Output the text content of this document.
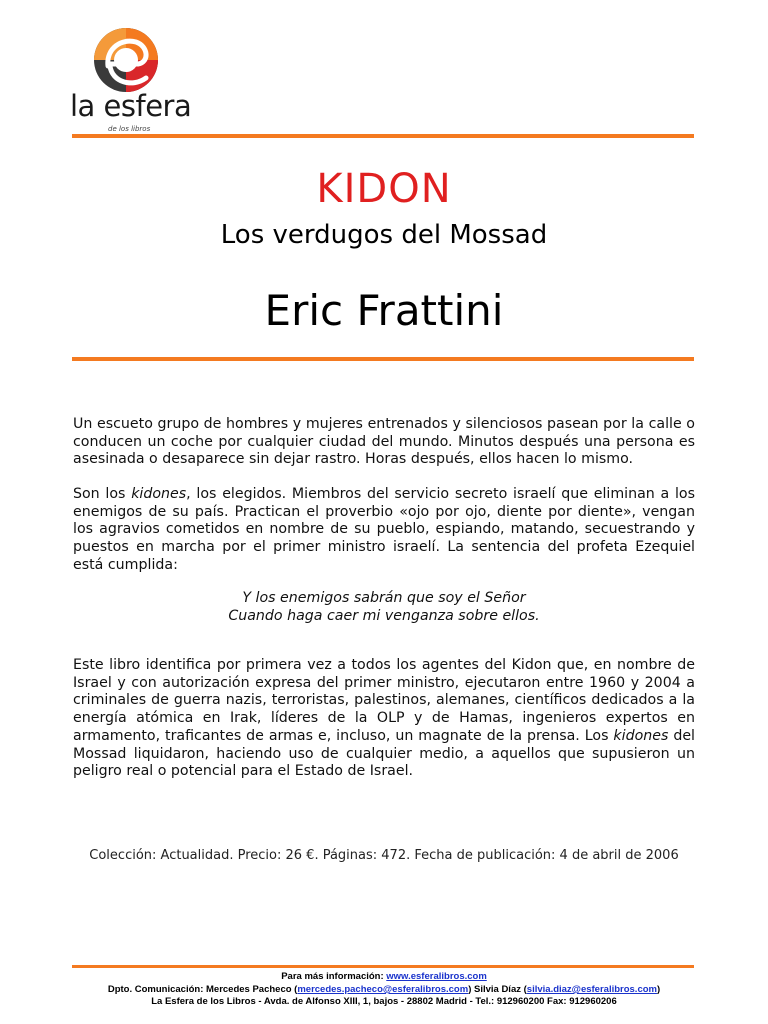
la esfera
de los libros
KIDON
Los verdugos del Mossad
Eric Frattini

Un escueto grupo de hombres y mujeres entrenados y silenciosos pasean por la calle o conducen un coche por cualquier ciudad del mundo. Minutos después una persona es asesinada o desaparece sin dejar rastro. Horas después, ellos hacen lo mismo.

Son los kidones, los elegidos. Miembros del servicio secreto israelí que eliminan a los enemigos de su país. Practican el proverbio «ojo por ojo, diente por diente», vengan los agravios cometidos en nombre de su pueblo, espiando, matando, secuestrando y puestos en marcha por el primer ministro israelí. La sentencia del profeta Ezequiel está cumplida:

Y los enemigos sabrán que soy el Señor
Cuando haga caer mi venganza sobre ellos.

Este libro identifica por primera vez a todos los agentes del Kidon que, en nombre de Israel y con autorización expresa del primer ministro, ejecutaron entre 1960 y 2004 a criminales de guerra nazis, terroristas, palestinos, alemanes, científicos dedicados a la energía atómica en Irak, líderes de la OLP y de Hamas, ingenieros expertos en armamento, traficantes de armas e, incluso, un magnate de la prensa. Los kidones del Mossad liquidaron, haciendo uso de cualquier medio, a aquellos que supusieron un peligro real o potencial para el Estado de Israel.

Colección: Actualidad. Precio: 26 €. Páginas: 472. Fecha de publicación: 4 de abril de 2006
Para más información: www.esferalibros.com
Dpto. Comunicación: Mercedes Pacheco (mercedes.pacheco@esferalibros.com) Silvia Díaz (silvia.diaz@esferalibros.com)
La Esfera de los Libros - Avda. de Alfonso XIII, 1, bajos - 28802 Madrid - Tel.: 912960200 Fax: 912960206
